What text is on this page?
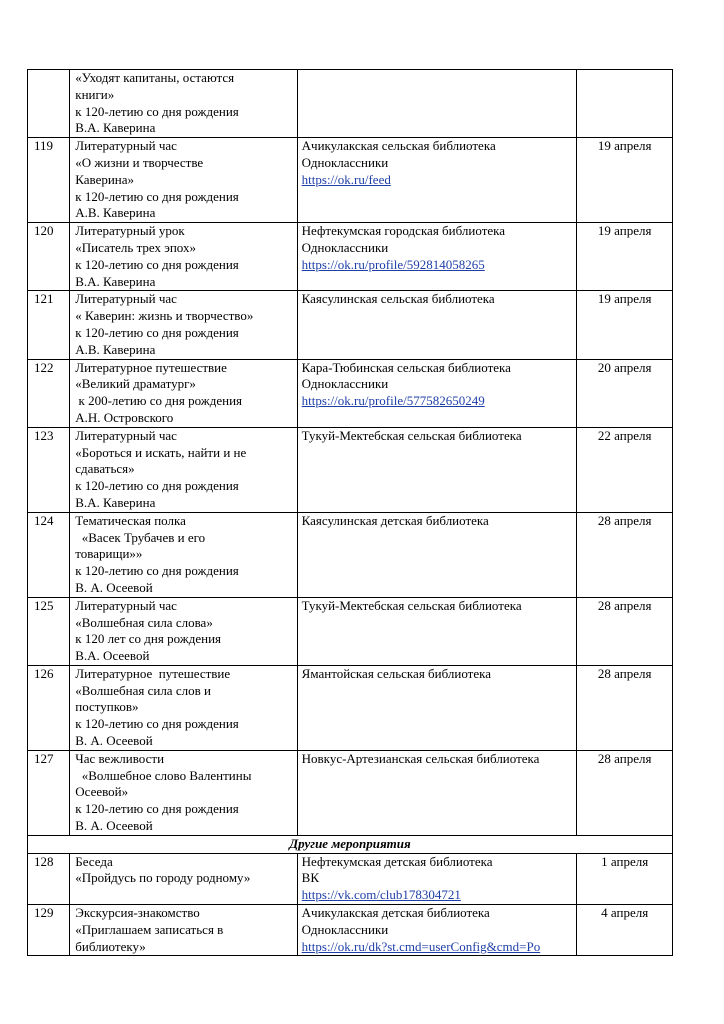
	«Уходят капитаны, остаются
книги»
к 120-летию со дня рождения
В.А. Каверина		

119	Литературный час
«О жизни и творчестве
Каверина»
к 120-летию со дня рождения
А.В. Каверина	Ачикулакская сельская библиотека
Одноклассники
https://ok.ru/feed	19 апреля
120	Литературный урок
«Писатель трех эпох»
к 120-летию со дня рождения
В.А. Каверина	Нефтекумская городская библиотека
Одноклассники
https://ok.ru/profile/592814058265	19 апреля
121	Литературный час
« Каверин: жизнь и творчество»
к 120-летию со дня рождения
А.В. Каверина	Каясулинская сельская библиотека	19 апреля
122	Литературное путешествие
«Великий драматург»
к 200-летию со дня рождения
А.Н. Островского	Кара-Тюбинская сельская библиотека
Одноклассники
https://ok.ru/profile/577582650249	20 апреля
123	Литературный час
«Бороться и искать, найти и не
сдаваться»
к 120-летию со дня рождения
В.А. Каверина	Тукуй-Мектебская сельская библиотека	22 апреля
124	Тематическая полка
«Васек Трубачев и его
товарищи»»
к 120-летию со дня рождения
В. А. Осеевой	Каясулинская детская библиотека	28 апреля
125	Литературный час
«Волшебная сила слова»
к 120 лет со дня рождения
В.А. Осеевой	Тукуй-Мектебская сельская библиотека	28 апреля
126	Литературное  путешествие
«Волшебная сила слов и
поступков»
к 120-летию со дня рождения
В. А. Осеевой	Ямантойская сельская библиотека	28 апреля
127	Час вежливости
«Волшебное слово Валентины
Осеевой»
к 120-летию со дня рождения
В. А. Осеевой	Новкус-Артезианская сельская библиотека	28 апреля
Другие мероприятия			
128	Беседа
«Пройдусь по городу родному»	Нефтекумская детская библиотека
ВК
https://vk.com/club178304721	1 апреля
129	Экскурсия-знакомство
«Приглашаем записаться в
библиотеку»	Ачикулакская детская библиотека
Одноклассники
https://ok.ru/dk?st.cmd=userConfig&cmd=Po	4 апреля
